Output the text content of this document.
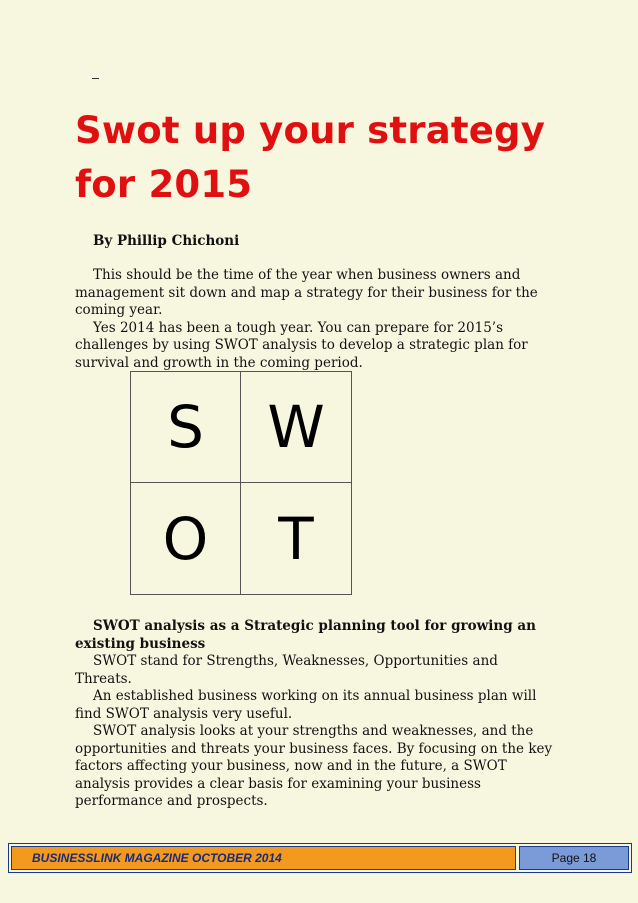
Swot up your strategy for 2015
By Phillip Chichoni

This should be the time of the year when business owners and management sit down and map a strategy for their business for the coming year.

Yes 2014 has been a tough year. You can prepare for 2015’s challenges by using SWOT analysis to develop a strategic plan for survival and growth in the coming period.

S	W
O	T

SWOT analysis as a Strategic planning tool for growing an existing business

SWOT stand for Strengths, Weaknesses, Opportunities and Threats.

An established business working on its annual business plan will find SWOT analysis very useful.

SWOT analysis looks at your strengths and weaknesses, and the opportunities and threats your business faces. By focusing on the key factors affecting your business, now and in the future, a SWOT analysis provides a clear basis for examining your business performance and prospects.

BUSINESSLINK MAGAZINE OCTOBER 2014	Page 18
